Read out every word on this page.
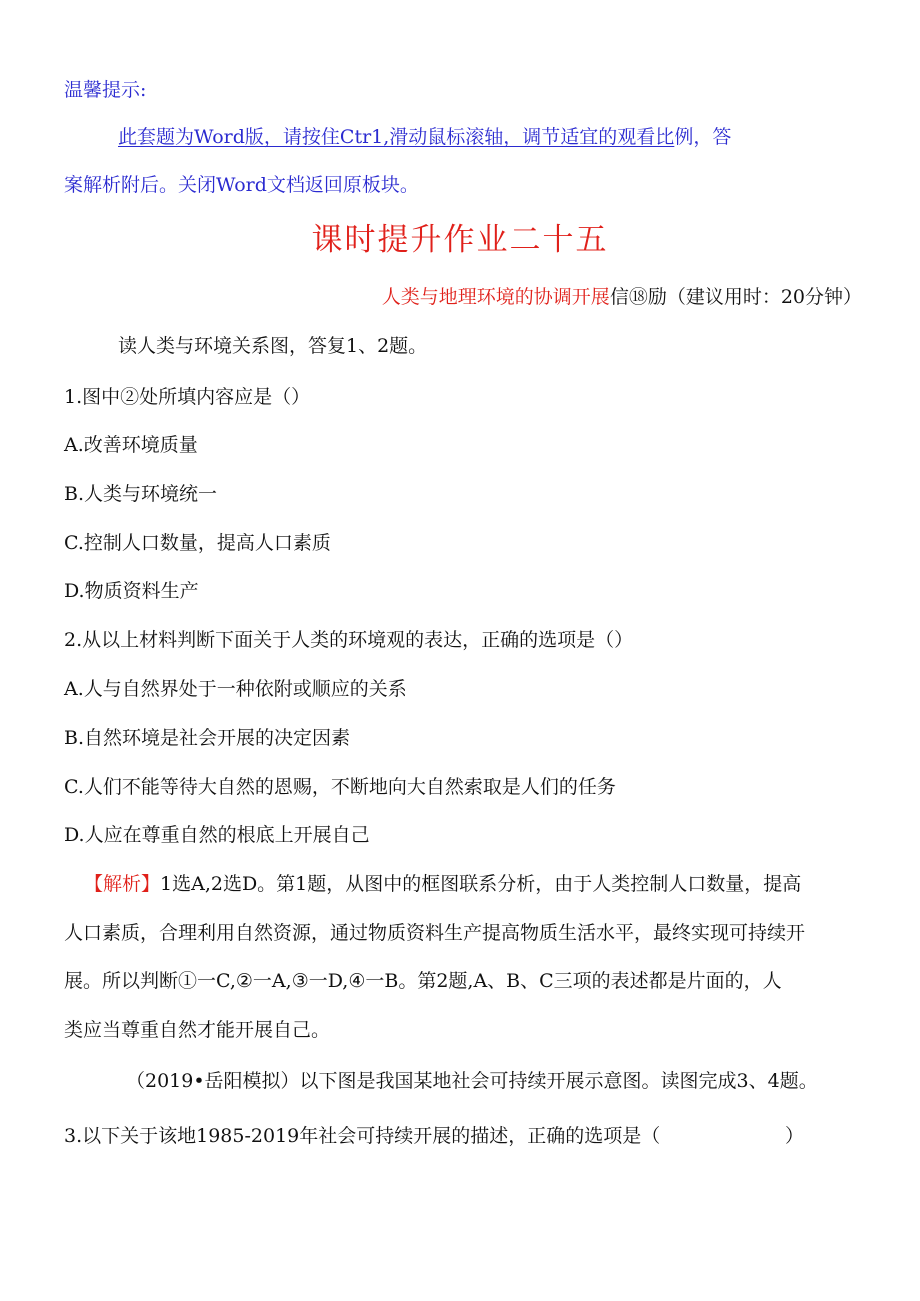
温馨提示:
此套题为Word版，请按住Ctr1,滑动鼠标滚轴，调节适宜的观看比例，答
案解析附后。关闭Word文档返回原板块。
课时提升作业二十五
人类与地理环境的协调开展信⑱励（建议用时：20分钟）
读人类与环境关系图，答复1、2题。
1.图中②处所填内容应是（）
A.改善环境质量
B.人类与环境统一
C.控制人口数量，提高人口素质
D.物质资料生产
2.从以上材料判断下面关于人类的环境观的表达，正确的选项是（）
A.人与自然界处于一种依附或顺应的关系
B.自然环境是社会开展的决定因素
C.人们不能等待大自然的恩赐，不断地向大自然索取是人们的任务
D.人应在尊重自然的根底上开展自己
【解析】1选A,2选D。第1题，从图中的框图联系分析，由于人类控制人口数量，提高
人口素质，合理利用自然资源，通过物质资料生产提高物质生活水平，最终实现可持续开
展。所以判断①一C,②一A,③一D,④一B。第2题,A、B、C三项的表述都是片面的，人
类应当尊重自然才能开展自己。
（2019•岳阳模拟）以下图是我国某地社会可持续开展示意图。读图完成3、4题。
3.以下关于该地1985-2019年社会可持续开展的描述，正确的选项是（	）
